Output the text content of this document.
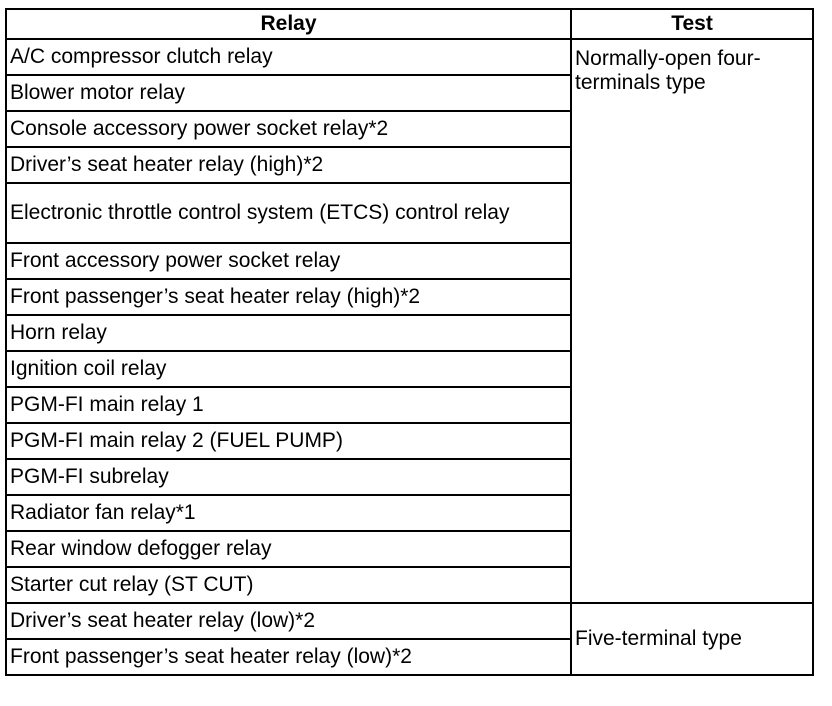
Relay	Test
A/C compressor clutch relay	Normally-open four-terminals type
Blower motor relay	
Console accessory power socket relay*2	
Driver’s seat heater relay (high)*2	
Electronic throttle control system (ETCS) control relay	
Front accessory power socket relay	
Front passenger’s seat heater relay (high)*2	
Horn relay	
Ignition coil relay	
PGM-FI main relay 1	
PGM-FI main relay 2 (FUEL PUMP)	
PGM-FI subrelay	
Radiator fan relay*1	
Rear window defogger relay	
Starter cut relay (ST CUT)	
Driver’s seat heater relay (low)*2	Five-terminal type
Front passenger’s seat heater relay (low)*2	
